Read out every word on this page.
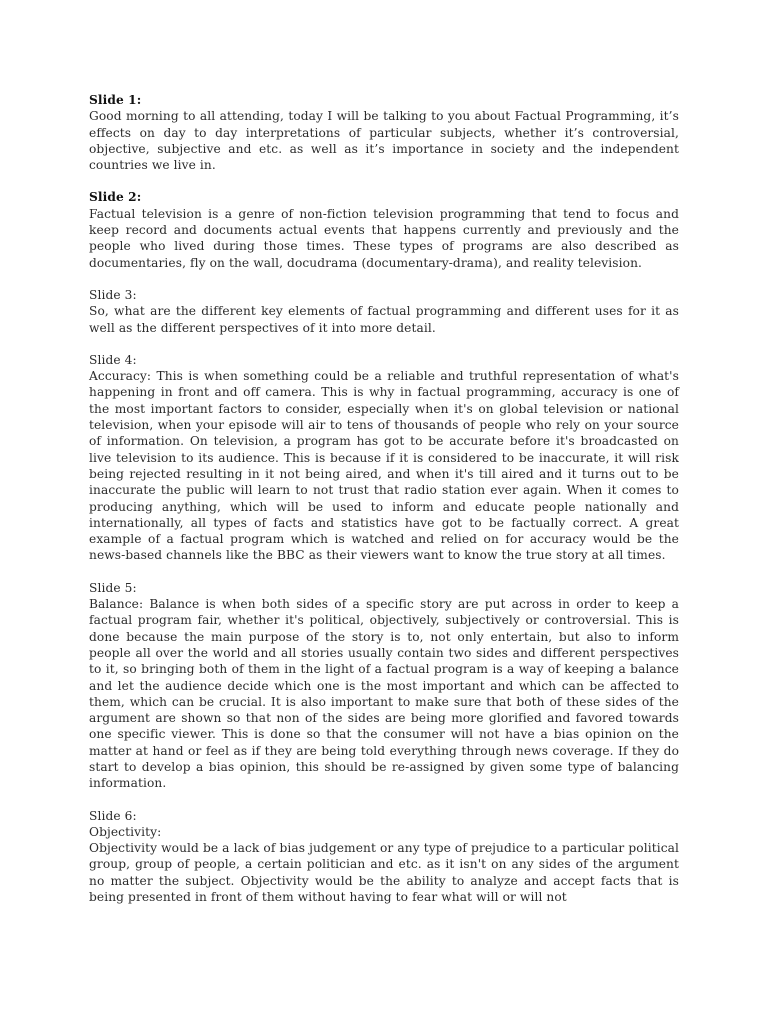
Slide 1:

Good morning to all attending, today I will be talking to you about Factual Programming, it’s effects on day to day interpretations of particular subjects, whether it’s controversial, objective, subjective and etc. as well as it’s importance in society and the independent countries we live in.

Slide 2:

Factual television is a genre of non-fiction television programming that tend to focus and keep record and documents actual events that happens currently and previously and the people who lived during those times. These types of programs are also described as documentaries, fly on the wall, docudrama (documentary-drama), and reality television.

Slide 3:

So, what are the different key elements of factual programming and different uses for it as well as the different perspectives of it into more detail.

Slide 4:

Accuracy: This is when something could be a reliable and truthful representation of what's happening in front and off camera. This is why in factual programming, accuracy is one of the most important factors to consider, especially when it's on global television or national television, when your episode will air to tens of thousands of people who rely on your source of information. On television, a program has got to be accurate before it's broadcasted on live television to its audience. This is because if it is considered to be inaccurate, it will risk being rejected resulting in it not being aired, and when it's till aired and it turns out to be inaccurate the public will learn to not trust that radio station ever again. When it comes to producing anything, which will be used to inform and educate people nationally and internationally, all types of facts and statistics have got to be factually correct. A great example of a factual program which is watched and relied on for accuracy would be the news-based channels like the BBC as their viewers want to know the true story at all times.

Slide 5:

Balance: Balance is when both sides of a specific story are put across in order to keep a factual program fair, whether it's political, objectively, subjectively or controversial. This is done because the main purpose of the story is to, not only entertain, but also to inform people all over the world and all stories usually contain two sides and different perspectives to it, so bringing both of them in the light of a factual program is a way of keeping a balance and let the audience decide which one is the most important and which can be affected to them, which can be crucial. It is also important to make sure that both of these sides of the argument are shown so that non of the sides are being more glorified and favored towards one specific viewer. This is done so that the consumer will not have a bias opinion on the matter at hand or feel as if they are being told everything through news coverage. If they do start to develop a bias opinion, this should be re-assigned by given some type of balancing information.

Slide 6:
Objectivity:

Objectivity would be a lack of bias judgement or any type of prejudice to a particular political group, group of people, a certain politician and etc. as it isn't on any sides of the argument no matter the subject. Objectivity would be the ability to analyze and accept facts that is being presented in front of them without having to fear what will or will not
